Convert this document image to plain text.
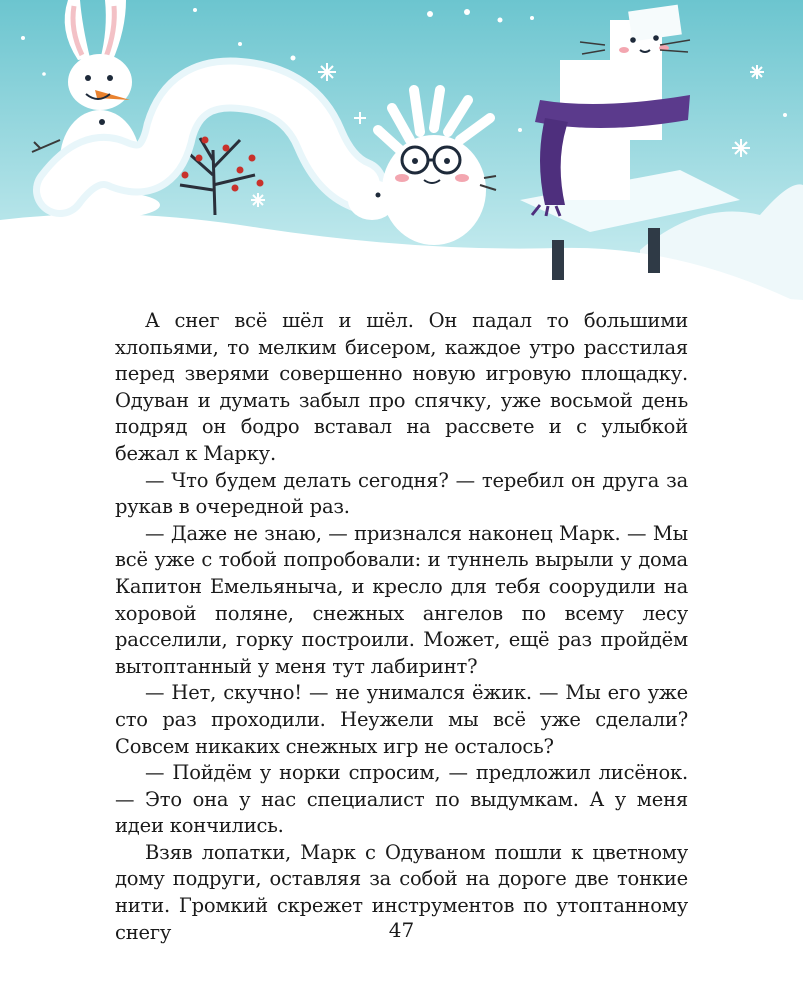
А снег всё шёл и шёл. Он падал то большими хлопьями, то мелким бисером, каждое утро расстилая перед зверями совершенно новую игровую площадку. Одуван и думать забыл про спячку, уже восьмой день подряд он бодро вставал на рассвете и с улыбкой бежал к Марку.

— Что будем делать сегодня? — теребил он друга за рукав в очередной раз.

— Даже не знаю, — признался наконец Марк. — Мы всё уже с тобой попробовали: и туннель вырыли у дома Капитон Емельяныча, и кресло для тебя соорудили на хоровой поляне, снежных ангелов по всему лесу расселили, горку построили. Может, ещё раз пройдём вытоптанный у меня тут лабиринт?

— Нет, скучно! — не унимался ёжик. — Мы его уже сто раз проходили. Неужели мы всё уже сделали? Совсем никаких снежных игр не осталось?

— Пойдём у норки спросим, — предложил лисёнок. — Это она у нас специалист по выдумкам. А у меня идеи кончились.

Взяв лопатки, Марк с Одуваном пошли к цветному дому подруги, оставляя за собой на дороге две тонкие нити. Громкий скрежет инструментов по утоптанному снегу	47
